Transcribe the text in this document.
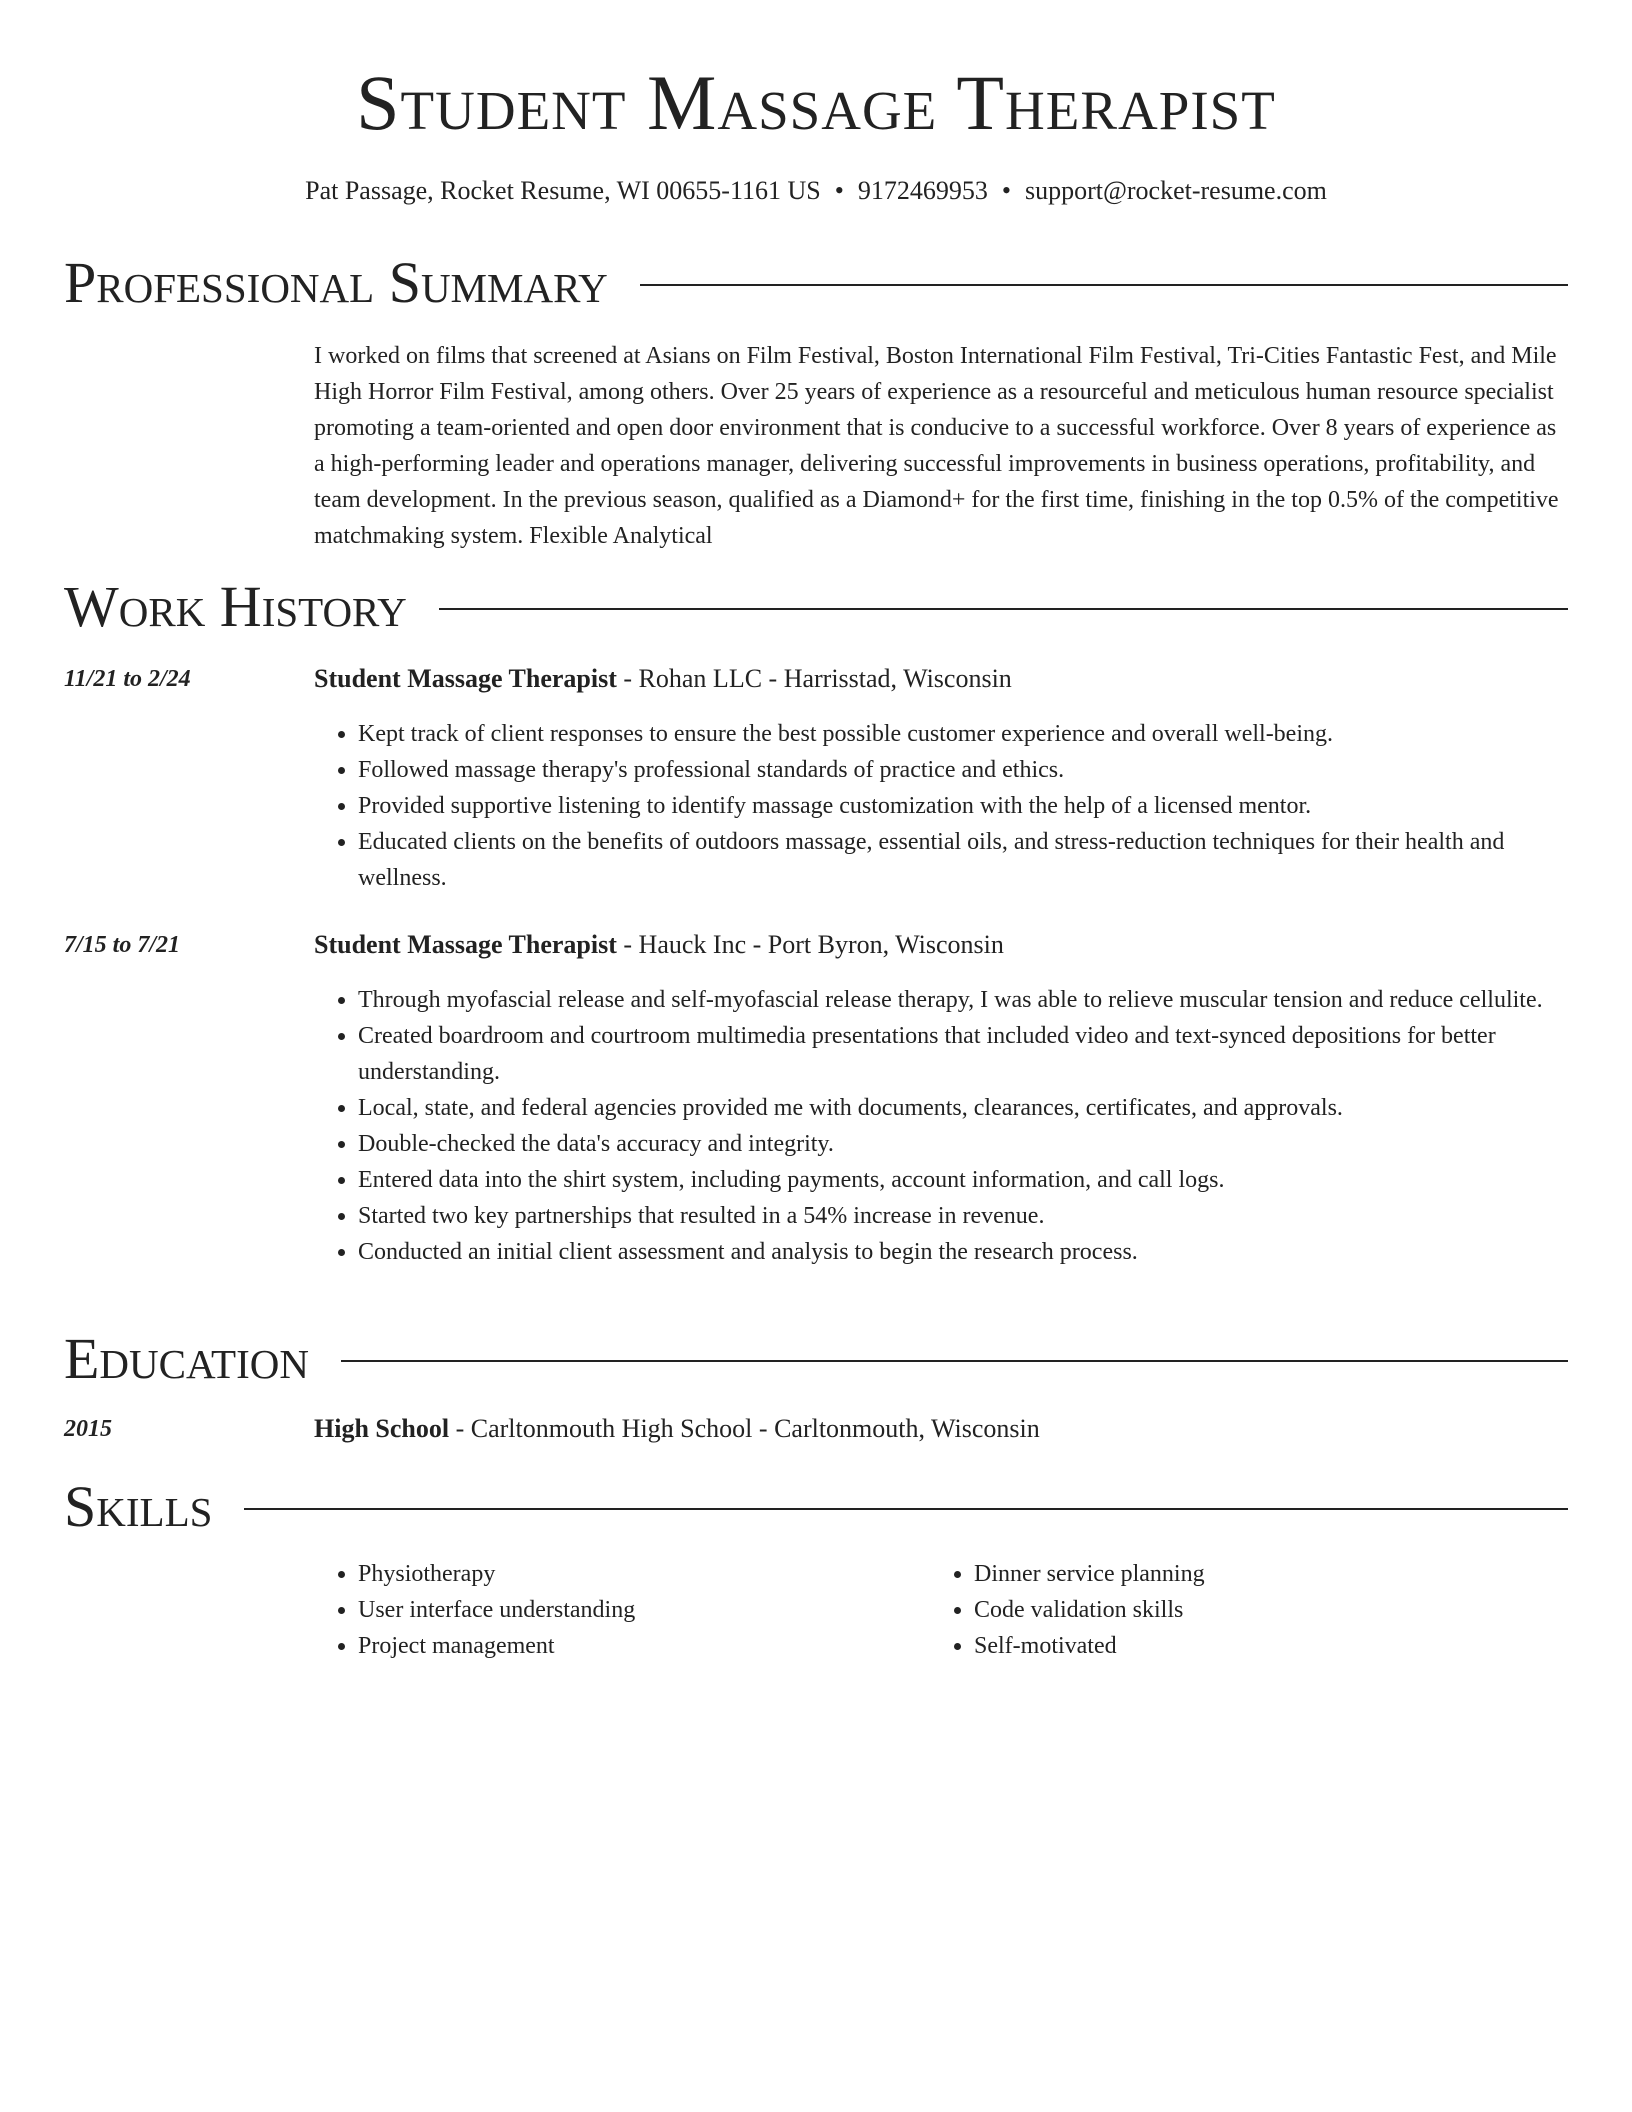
Student Massage Therapist
Pat Passage, Rocket Resume, WI 00655-1161 US • 9172469953 • support@rocket-resume.com
Professional Summary
I worked on films that screened at Asians on Film Festival, Boston International Film Festival, Tri-Cities Fantastic Fest, and Mile High Horror Film Festival, among others. Over 25 years of experience as a resourceful and meticulous human resource specialist promoting a team-oriented and open door environment that is conducive to a successful workforce. Over 8 years of experience as a high-performing leader and operations manager, delivering successful improvements in business operations, profitability, and team development. In the previous season, qualified as a Diamond+ for the first time, finishing in the top 0.5% of the competitive matchmaking system. Flexible Analytical
Work History
11/21 to 2/24	Student Massage Therapist - Rohan LLC - Harrisstad, Wisconsin
• Kept track of client responses to ensure the best possible customer experience and overall well-being.
• Followed massage therapy's professional standards of practice and ethics.
• Provided supportive listening to identify massage customization with the help of a licensed mentor.
• Educated clients on the benefits of outdoors massage, essential oils, and stress-reduction techniques for their health and wellness.
7/15 to 7/21	Student Massage Therapist - Hauck Inc - Port Byron, Wisconsin
• Through myofascial release and self-myofascial release therapy, I was able to relieve muscular tension and reduce cellulite.
• Created boardroom and courtroom multimedia presentations that included video and text-synced depositions for better understanding.
• Local, state, and federal agencies provided me with documents, clearances, certificates, and approvals.
• Double-checked the data's accuracy and integrity.
• Entered data into the shirt system, including payments, account information, and call logs.
• Started two key partnerships that resulted in a 54% increase in revenue.
• Conducted an initial client assessment and analysis to begin the research process.
Education
2015	High School - Carltonmouth High School - Carltonmouth, Wisconsin
Skills
• Physiotherapy
• User interface understanding
• Project management
• Dinner service planning
• Code validation skills
• Self-motivated
